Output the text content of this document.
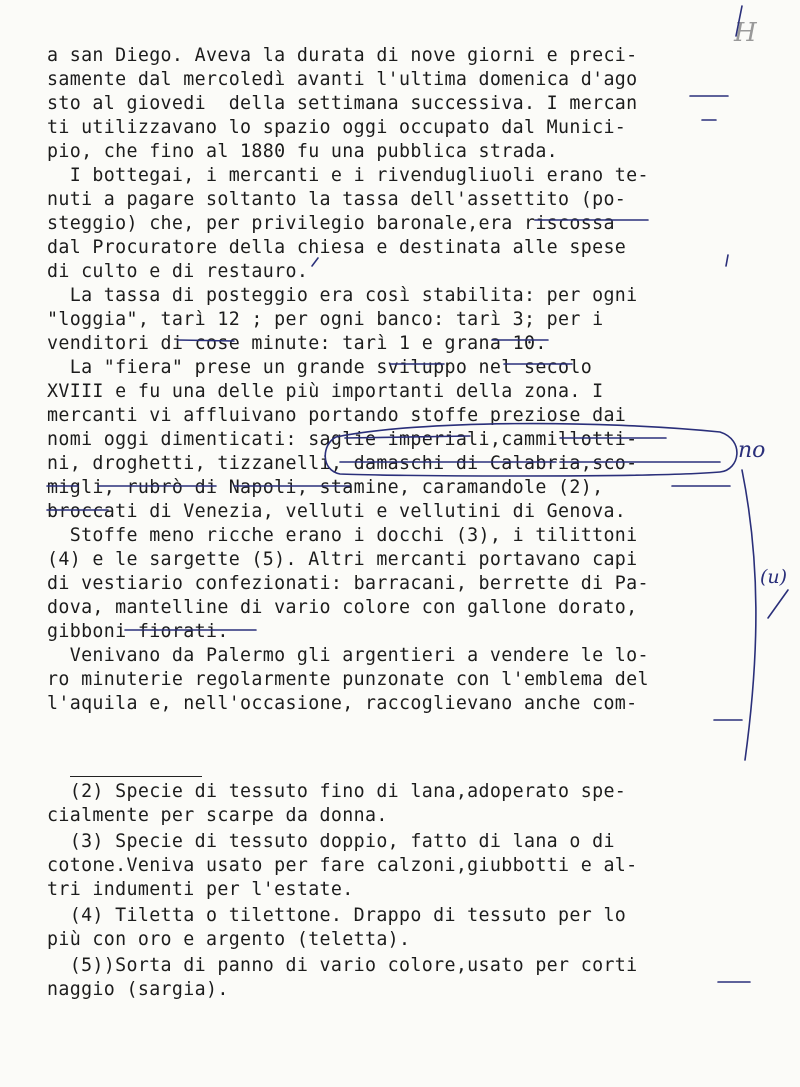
H
a san Diego. Aveva la durata di nove giorni e preci-
samente dal mercoledì avanti l'ultima domenica d'ago
sto al giovedi  della settimana successiva. I mercan
ti utilizzavano lo spazio oggi occupato dal Munici-
pio, che fino al 1880 fu una pubblica strada.
I bottegai, i mercanti e i rivendugliuoli erano te-
nuti a pagare soltanto la tassa dell'assettito (po-
steggio) che, per privilegio baronale,era riscossa
dal Procuratore della chiesa e destinata alle spese
di culto e di restauro.
La tassa di posteggio era così stabilita: per ogni
"loggia", tarì 12 ; per ogni banco: tarì 3; per i
venditori di cose minute: tarì 1 e grana 10.
La "fiera" prese un grande sviluppo nel secolo
XVIII e fu una delle più importanti della zona. I
mercanti vi affluivano portando stoffe preziose dai
nomi oggi dimenticati: saglie imperiali,cammillotti-
ni, droghetti, tizzanelli, damaschi di Calabria,sco-
migli, rubrò di Napoli, stamine, caramandole (2),
broccati di Venezia, velluti e vellutini di Genova.
Stoffe meno ricche erano i docchi (3), i tilittoni
(4) e le sargette (5). Altri mercanti portavano capi
di vestiario confezionati: barracani, berrette di Pa-
dova, mantelline di vario colore con gallone dorato,
gibboni fiorati.
Venivano da Palermo gli argentieri a vendere le lo-
ro minuterie regolarmente punzonate con l'emblema del
l'aquila e, nell'occasione, raccoglievano anche com-
(2) Specie di tessuto fino di lana,adoperato spe-
cialmente per scarpe da donna.
(3) Specie di tessuto doppio, fatto di lana o di
cotone.Veniva usato per fare calzoni,giubbotti e al-
tri indumenti per l'estate.
(4) Tiletta o tilettone. Drappo di tessuto per lo
più con oro e argento (teletta).
(5))Sorta di panno di vario colore,usato per corti
naggio (sargia).
no
(u)
